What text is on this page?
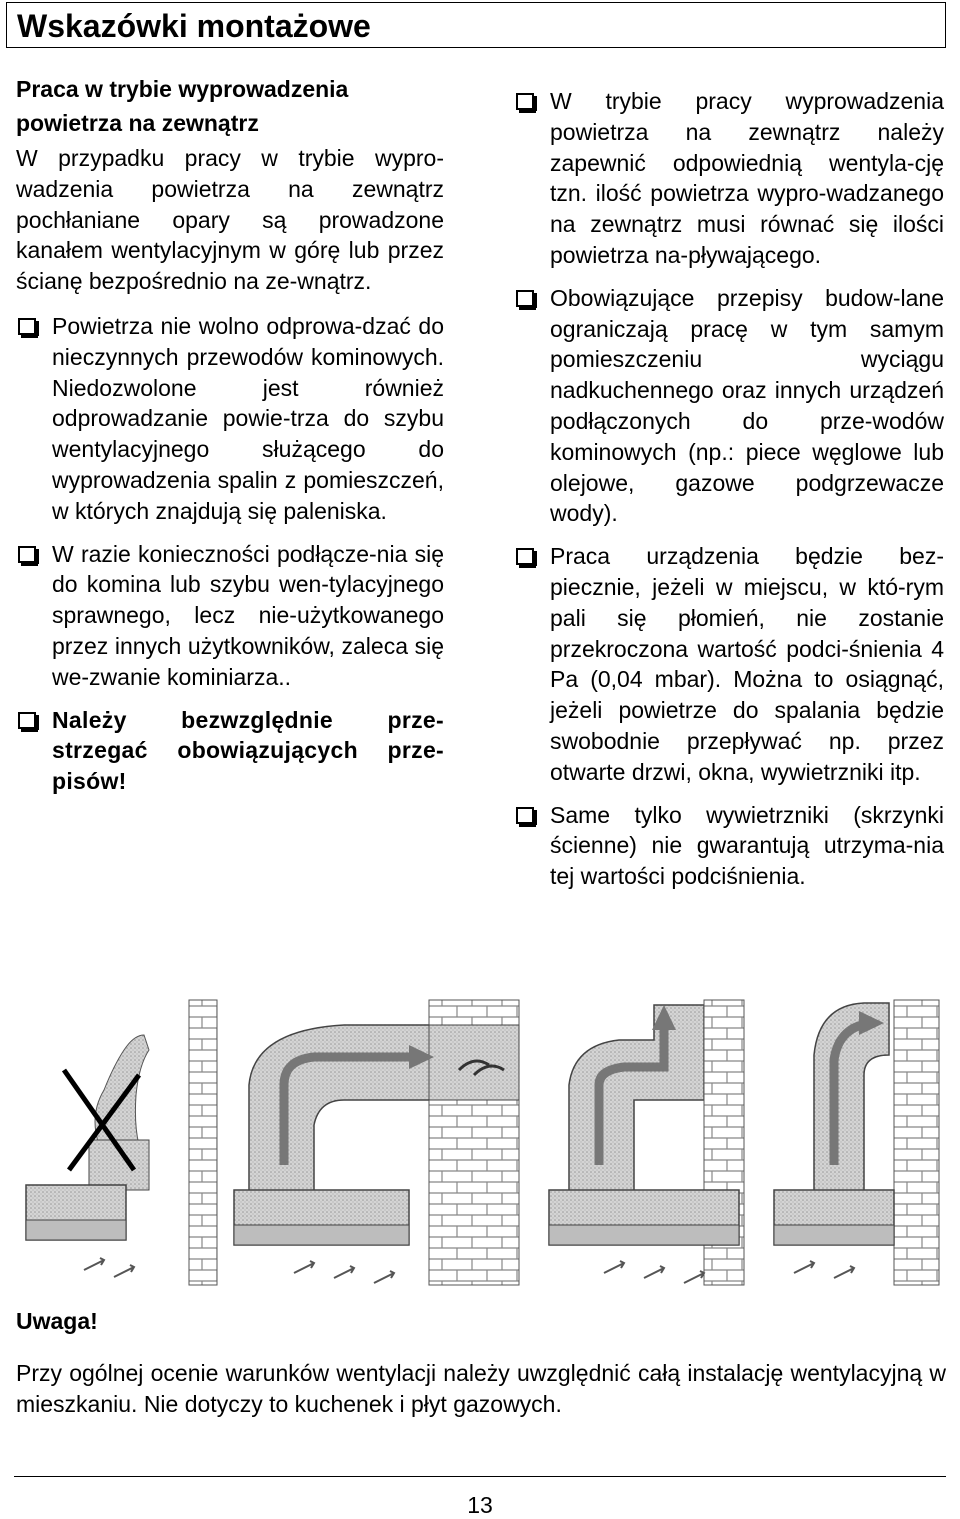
Wskazówki montażowe
Praca w trybie wyprowadzenia
powietrza na zewnątrz

W przypadku pracy w trybie wypro-wadzenia powietrza na zewnątrz pochłaniane opary są prowadzone kanałem wentylacyjnym w górę lub przez ścianę bezpośrednio na ze-wnątrz.

Powietrza nie wolno odprowa-dzać do nieczynnych przewodów kominowych. Niedozwolone jest również odprowadzanie powie-trza do szybu wentylacyjnego służącego do wyprowadzenia spalin z pomieszczeń, w których znajdują się paleniska.
W razie konieczności podłącze-nia się do komina lub szybu wen-tylacyjnego sprawnego, lecz nie-użytkowanego przez innych użytkowników, zaleca się we-zwanie kominiarza..
Należy bezwzględnie prze-strzegać obowiązujących prze-pisów!
W trybie pracy wyprowadzenia powietrza na zewnątrz należy zapewnić odpowiednią wentyla-cję tzn. ilość powietrza wypro-wadzanego na zewnątrz musi równać się ilości powietrza na-pływającego.
Obowiązujące przepisy budow-lane ograniczają pracę w tym samym pomieszczeniu wyciągu nadkuchennego oraz innych urządzeń podłączonych do prze-wodów kominowych (np.: piece węglowe lub olejowe, gazowe podgrzewacze wody).
Praca urządzenia będzie bez-piecznie, jeżeli w miejscu, w któ-rym pali się płomień, nie zostanie przekroczona wartość podci-śnienia 4 Pa (0,04 mbar). Można to osiągnąć, jeżeli powietrze do spalania będzie swobodnie przepływać np. przez otwarte drzwi, okna, wywietrzniki itp.
Same tylko wywietrzniki (skrzynki ścienne) nie gwarantują utrzyma-nia tej wartości podciśnienia.
Uwaga!
Przy ogólnej ocenie warunków wentylacji należy uwzględnić całą instalację wentylacyjną w mieszkaniu. Nie dotyczy to kuchenek i płyt gazowych.
13
